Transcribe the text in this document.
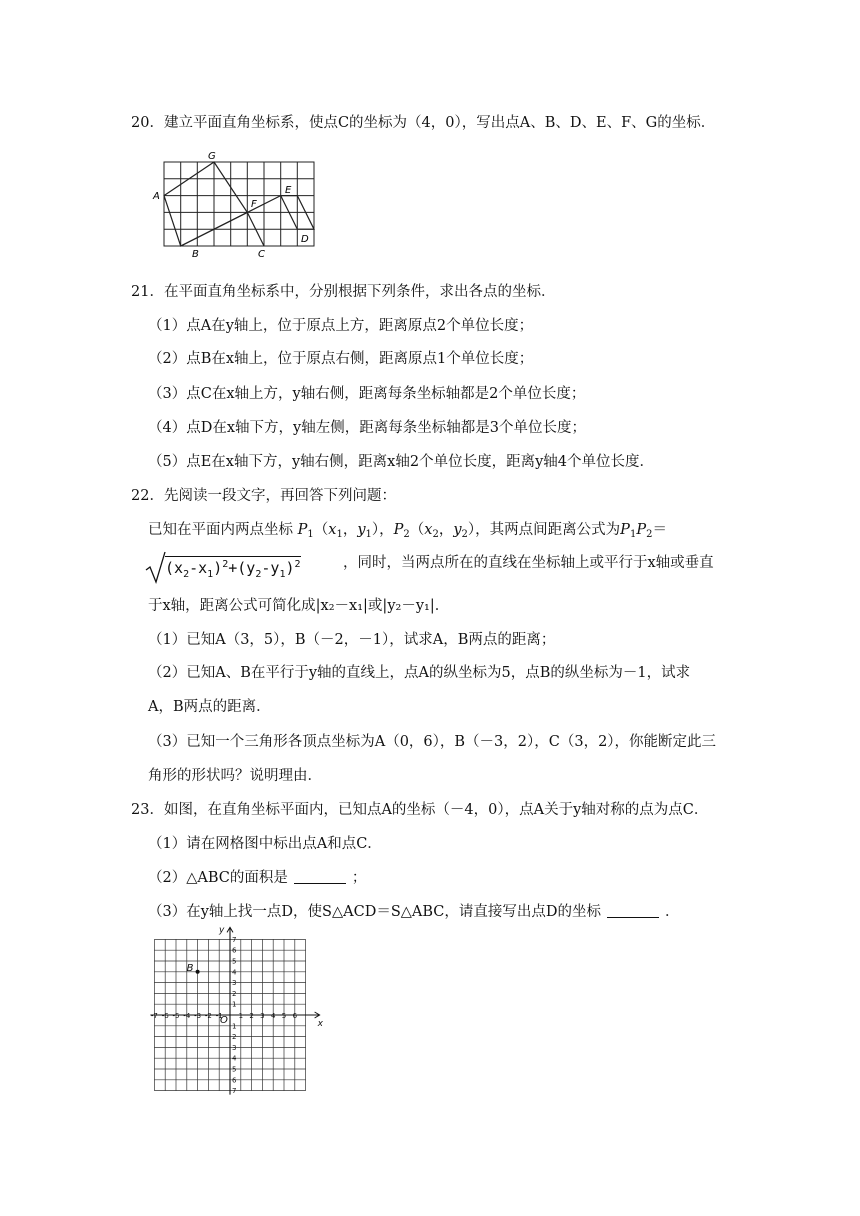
20．建立平面直角坐标系，使点C的坐标为（4，0），写出点A、B、D、E、F、G的坐标．
G
A
E
F
D
B	C
21．在平面直角坐标系中，分别根据下列条件，求出各点的坐标．
（1）点A在y轴上，位于原点上方，距离原点2个单位长度；
（2）点B在x轴上，位于原点右侧，距离原点1个单位长度；
（3）点C在x轴上方，y轴右侧，距离每条坐标轴都是2个单位长度；
（4）点D在x轴下方，y轴左侧，距离每条坐标轴都是3个单位长度；
（5）点E在x轴下方，y轴右侧，距离x轴2个单位长度，距离y轴4个单位长度．
22．先阅读一段文字，再回答下列问题：
已知在平面内两点坐标 $P_1(x_1$，$y_1$），$P_2(x_2$，$y_2$），其两点间距离公式为$P_1P_2=$
$(x_2-x_1)^2+(y_2-y_1)^2$	，同时，当两点所在的直线在坐标轴上或平行于x轴或垂直
于x轴，距离公式可简化成|x₂－x₁|或|y₂－y₁|．
（1）已知A（3，5），B（－2，－1），试求A，B两点的距离；
（2）已知A、B在平行于y轴的直线上，点A的纵坐标为5，点B的纵坐标为－1，试求
A，B两点的距离．
（3）已知一个三角形各顶点坐标为A（0，6），B（－3，2），C（3，2），你能断定此三
角形的形状吗？说明理由．
23．如图，在直角坐标平面内，已知点A的坐标（－4，0），点A关于y轴对称的点为点C．
（1）请在网格图中标出点A和点C．
（2）△ABC的面积是	；
（3）在y轴上找一点D，使S△ACD＝S△ABC，请直接写出点D的坐标	．
-7 -6 -5 -4 -3 -2 -1 1 2 3 4 5 6
7
6
5
4
3
2
1
1
2
3
4
5
6
7
O	x
y
B
